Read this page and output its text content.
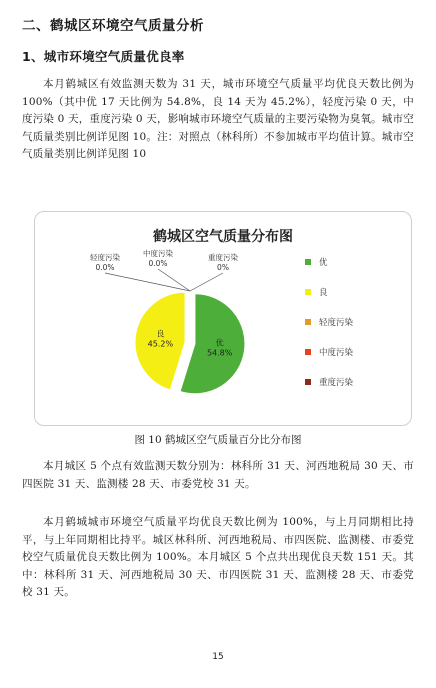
二、鹤城区环境空气质量分析
1、城市环境空气质量优良率
本月鹤城区有效监测天数为 31 天，城市环境空气质量平均优良天数比例为 100%（其中优 17 天比例为 54.8%，良 14 天为 45.2%），轻度污染 0 天，中度污染 0 天，重度污染 0 天，影响城市环境空气质量的主要污染物为臭氧。城市空气质量类别比例详见图 10。注：对照点（林科所）不参加城市平均值计算。城市空气质量类别比例详见图 10
鹤城区空气质量分布图
优 54.8%
良 45.2%
轻度污染 0.0%
中度污染 0.0%
重度污染 0%	优
良
轻度污染
中度污染
重度污染
图 10 鹤城区空气质量百分比分布图
本月城区 5 个点有效监测天数分别为：林科所 31 天、河西地税局 30 天、市四医院 31 天、监测楼 28 天、市委党校 31 天。
本月鹤城城市环境空气质量平均优良天数比例为 100%，与上月同期相比持平，与上年同期相比持平。城区林科所、河西地税局、市四医院、监测楼、市委党校空气质量优良天数比例为 100%。本月城区 5 个点共出现优良天数 151 天。其中：林科所 31 天、河西地税局 30 天、市四医院 31 天、监测楼 28 天、市委党校 31 天。
15
